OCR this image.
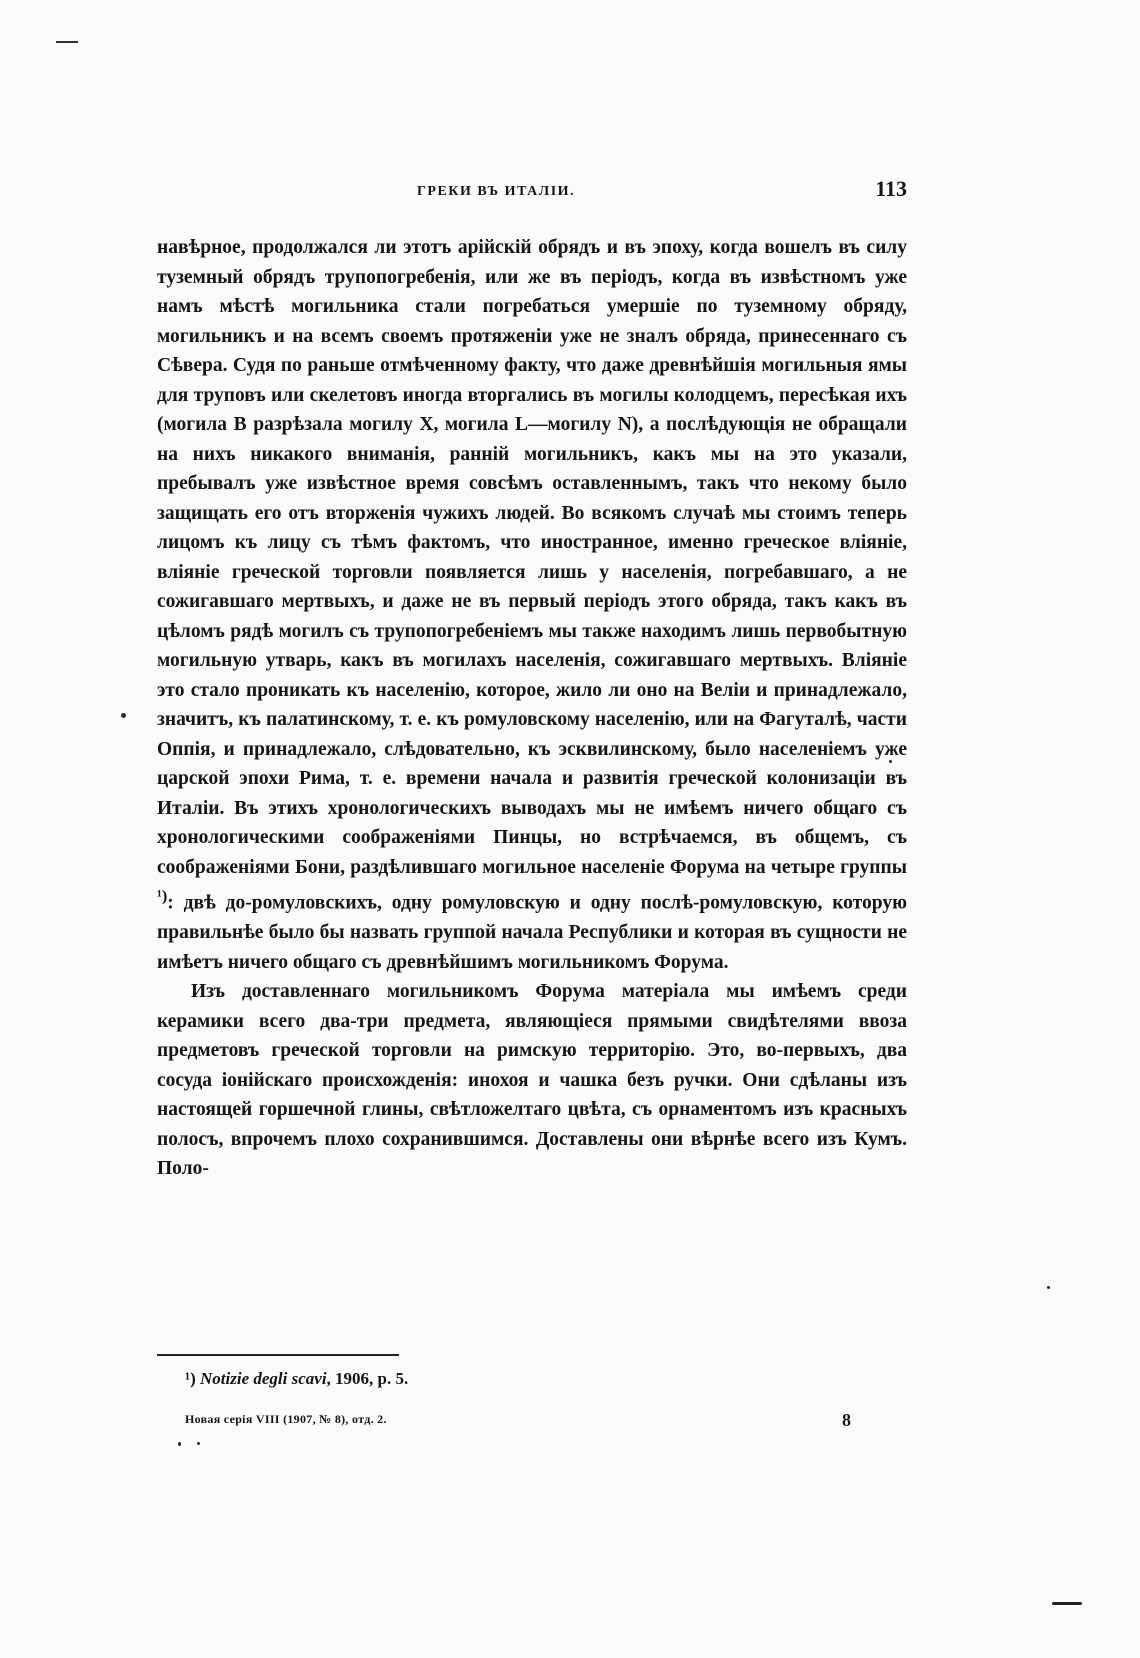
ГРЕКИ ВЪ ИТАЛІИ.	113

навѣрное, продолжался ли этотъ арійскій обрядъ и въ эпоху, когда вошелъ въ силу туземный обрядъ трупопогребенія, или же въ періодъ, когда въ извѣстномъ уже намъ мѣстѣ могильника стали погребаться умершіе по туземному обряду, могильникъ и на всемъ своемъ протяженіи уже не зналъ обряда, принесеннаго съ Сѣвера. Судя по раньше отмѣченному факту, что даже древнѣйшія могильныя ямы для труповъ или скелетовъ иногда вторгались въ могилы колодцемъ, пересѣкая ихъ (могила В разрѣзала могилу X, могила L—могилу N), а послѣдующія не обращали на нихъ никакого вниманія, ранній могильникъ, какъ мы на это указали, пребывалъ уже извѣстное время совсѣмъ оставленнымъ, такъ что некому было защищать его отъ вторженія чужихъ людей. Во всякомъ случаѣ мы стоимъ теперь лицомъ къ лицу съ тѣмъ фактомъ, что иностранное, именно греческое вліяніе, вліяніе греческой торговли появляется лишь у населенія, погребавшаго, а не сожигавшаго мертвыхъ, и даже не въ первый періодъ этого обряда, такъ какъ въ цѣломъ рядѣ могилъ съ трупопогребеніемъ мы также находимъ лишь первобытную могильную утварь, какъ въ могилахъ населенія, сожигавшаго мертвыхъ. Вліяніе это стало проникать къ населенію, которое, жило ли оно на Велiи и принадлежало, значитъ, къ палатинскому, т. е. къ ромуловскому населенію, или на Фагуталѣ, части Оппія, и принадлежало, слѣдовательно, къ эсквилинскому, было населеніемъ уже царской эпохи Рима, т. е. времени начала и развитія греческой колонизаціи въ Италіи. Въ этихъ хронологическихъ выводахъ мы не имѣемъ ничего общаго съ хронологическими соображеніями Пинцы, но встрѣчаемся, въ общемъ, съ соображеніями Бони, раздѣлившаго могильное населеніе Форума на четыре группы $^{^1)}$: двѣ до-ромуловскихъ, одну ромуловскую и одну послѣ-ромуловскую, которую правильнѣе было бы назвать группой начала Республики и которая въ сущности не имѣетъ ничего общаго съ древнѣйшимъ могильникомъ Форума.

Изъ доставленнаго могильникомъ Форума матеріала мы имѣемъ среди керамики всего два-три предмета, являющіеся прямыми свидѣтелями ввоза предметовъ греческой торговли на римскую территорію. Это, во-первыхъ, два сосуда іонійскаго происхожденія: инохоя и чашка безъ ручки. Они сдѣланы изъ настоящей горшечной глины, свѣтложелтаго цвѣта, съ орнаментомъ изъ красныхъ полосъ, впрочемъ плохо сохранившимся. Доставлены они вѣрнѣе всего изъ Кумъ. Поло-

¹) Notizie degli scavi, 1906, p. 5.
Новая серія VIII (1907, № 8), отд. 2.	8
